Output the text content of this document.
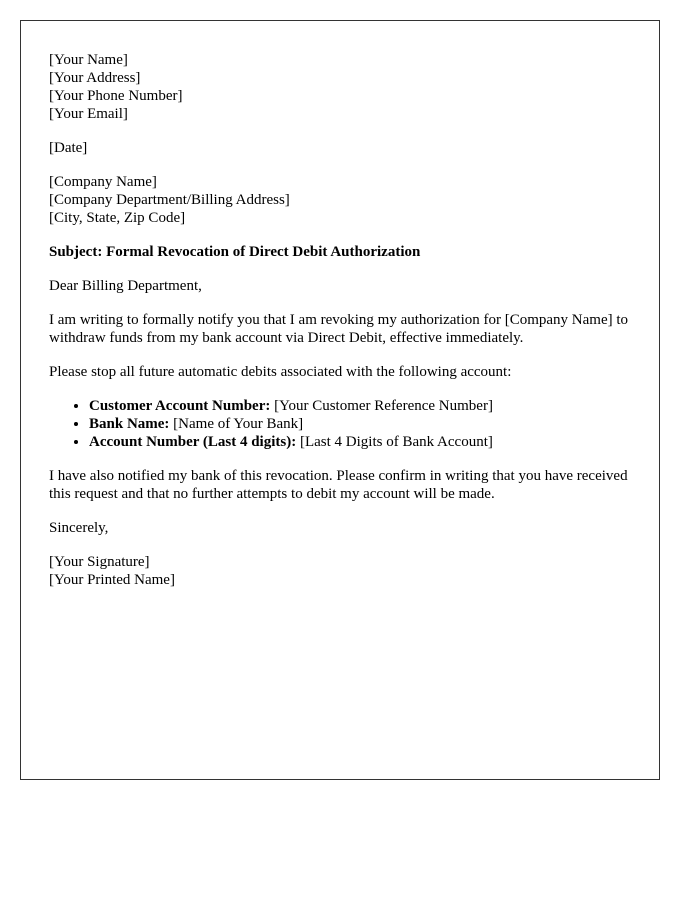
[Your Name]
[Your Address]
[Your Phone Number]
[Your Email]
[Date]
[Company Name]
[Company Department/Billing Address]
[City, State, Zip Code]

Subject: Formal Revocation of Direct Debit Authorization

Dear Billing Department,

I am writing to formally notify you that I am revoking my authorization for [Company Name] to withdraw funds from my bank account via Direct Debit, effective immediately.

Please stop all future automatic debits associated with the following account:

• Customer Account Number: [Your Customer Reference Number]
• Bank Name: [Name of Your Bank]
• Account Number (Last 4 digits): [Last 4 Digits of Bank Account]

I have also notified my bank of this revocation. Please confirm in writing that you have received this request and that no further attempts to debit my account will be made.

Sincerely,

[Your Signature]
[Your Printed Name]
